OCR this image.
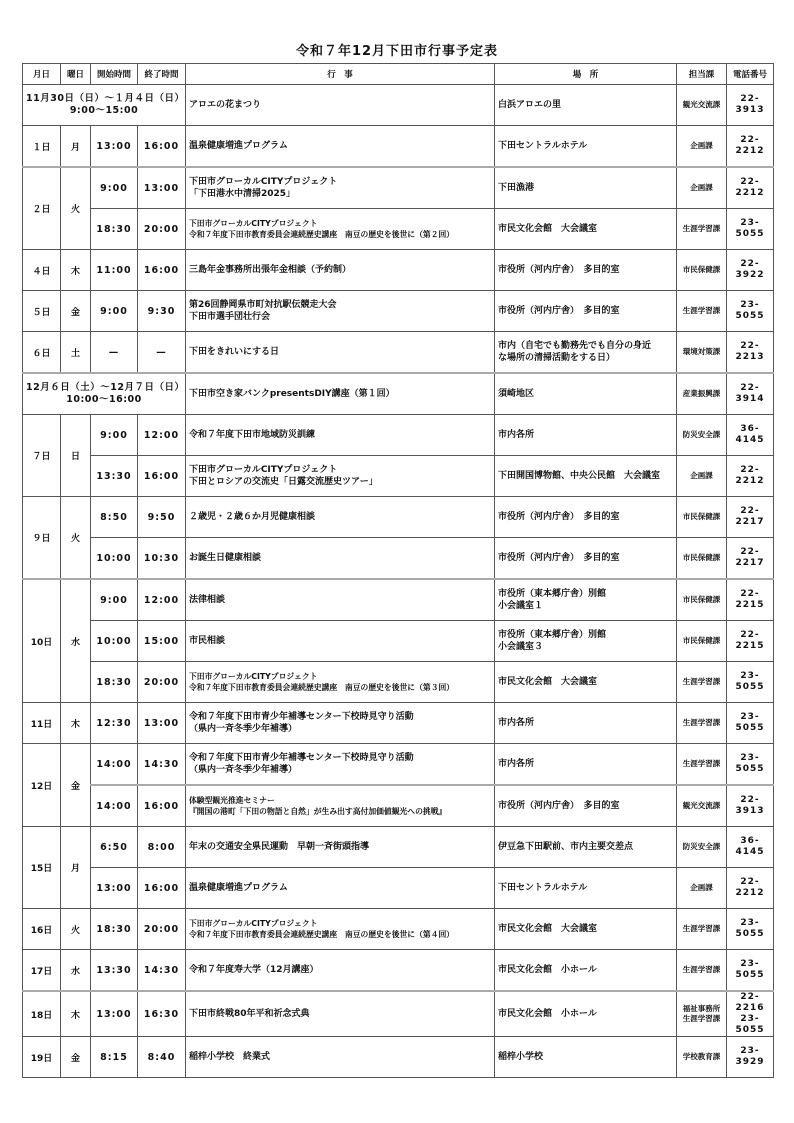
令和７年12月下田市行事予定表
月日	曜日	開始時間	終了時間	行　事	場　所	担当課	電話番号

11月30日（日）～１月４日（日）
9:00～15:00				アロエの花まつり	白浜アロエの里	観光交流課	22-3913
１日	月	13:00	16:00	温泉健康増進プログラム	下田セントラルホテル	企画課	22-2212
２日	火	9:00	13:00	下田市グローカルCITYプロジェクト
「下田港水中清掃2025」	下田漁港	企画課	22-2212
		18:30	20:00	下田市グローカルCITYプロジェクト
令和７年度下田市教育委員会連続歴史講座　南豆の歴史を後世に（第２回）	市民文化会館　大会議室	生涯学習課	23-5055
４日	木	11:00	16:00	三島年金事務所出張年金相談（予約制）	市役所（河内庁舎）　多目的室	市民保健課	22-3922
５日	金	9:00	9:30	第26回静岡県市町対抗駅伝競走大会
下田市選手団壮行会	市役所（河内庁舎）　多目的室	生涯学習課	23-5055
６日	土	—	—	下田をきれいにする日	市内（自宅でも勤務先でも自分の身近
な場所の清掃活動をする日）	環境対策課	22-2213

12月６日（土）～12月７日（日）
10:00～16:00				下田市空き家バンクpresentsDIY講座（第１回）	須崎地区	産業振興課	22-3914
７日	日	9:00	12:00	令和７年度下田市地域防災訓練	市内各所	防災安全課	36-4145
		13:30	16:00	下田市グローカルCITYプロジェクト
下田とロシアの交流史「日露交流歴史ツアー」	下田開国博物館、中央公民館　大会議室	企画課	22-2212
９日	火	8:50	9:50	２歳児・２歳６か月児健康相談	市役所（河内庁舎）　多目的室	市民保健課	22-2217
		10:00	10:30	お誕生日健康相談	市役所（河内庁舎）　多目的室	市民保健課	22-2217
10日	水	9:00	12:00	法律相談	市役所（東本郷庁舎）別館
小会議室１	市民保健課	22-2215
		10:00	15:00	市民相談	市役所（東本郷庁舎）別館
小会議室３	市民保健課	22-2215
		18:30	20:00	下田市グローカルCITYプロジェクト
令和７年度下田市教育委員会連続歴史講座　南豆の歴史を後世に（第３回）	市民文化会館　大会議室	生涯学習課	23-5055
11日	木	12:30	13:00	令和７年度下田市青少年補導センター下校時見守り活動
（県内一斉冬季少年補導）	市内各所	生涯学習課	23-5055
12日	金	14:00	14:30	令和７年度下田市青少年補導センター下校時見守り活動
（県内一斉冬季少年補導）	市内各所	生涯学習課	23-5055
		14:00	16:00	体験型観光推進セミナー
『開国の港町「下田の物語と自然」が生み出す高付加価値観光への挑戦』	市役所（河内庁舎）　多目的室	観光交流課	22-3913
15日	月	6:50	8:00	年末の交通安全県民運動　早朝一斉街頭指導	伊豆急下田駅前、市内主要交差点	防災安全課	36-4145
		13:00	16:00	温泉健康増進プログラム	下田セントラルホテル	企画課	22-2212
16日	火	18:30	20:00	下田市グローカルCITYプロジェクト
令和７年度下田市教育委員会連続歴史講座　南豆の歴史を後世に（第４回）	市民文化会館　大会議室	生涯学習課	23-5055
17日	水	13:30	14:30	令和７年度寿大学（12月講座）	市民文化会館　小ホール	生涯学習課	23-5055
18日	木	13:00	16:30	下田市終戦80年平和祈念式典	市民文化会館　小ホール	福祉事務所
生涯学習課	22-2216
23-5055

19日	金	8:15	8:40	稲梓小学校　終業式	稲梓小学校	学校教育課	23-3929
